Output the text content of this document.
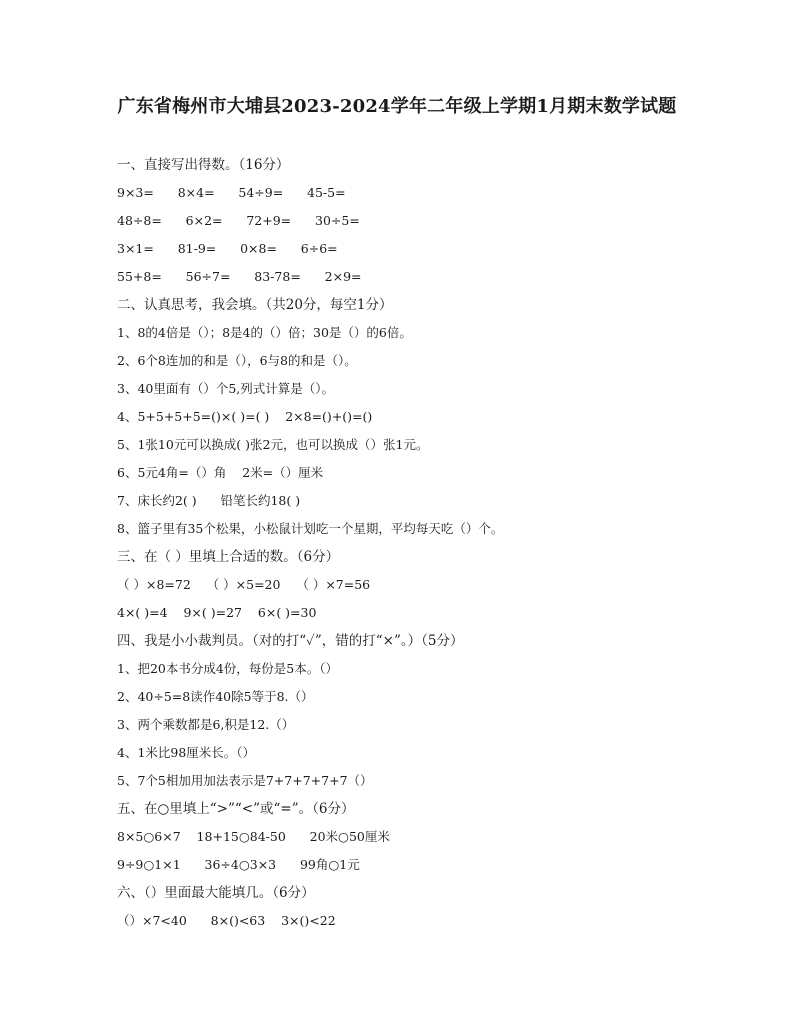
广东省梅州市大埔县2023-2024学年二年级上学期1月期末数学试题
一、直接写出得数。（16分）
9×3=      8×4=      54÷9=      45-5=
48÷8=      6×2=      72+9=      30÷5=
3×1=      81-9=      0×8=      6÷6=
55+8=      56÷7=      83-78=      2×9=
二、认真思考，我会填。（共20分，每空1分）
1、8的4倍是（）；8是4的（）倍；30是（）的6倍。
2、6个8连加的和是（），6与8的和是（）。
3、40里面有（）个5,列式计算是（）。
4、5+5+5+5=()×( )=( )    2×8=()+()=()
5、1张10元可以换成( )张2元，也可以换成（）张1元。
6、5元4角=（）角    2米=（）厘米
7、床长约2( )      铅笔长约18( )
8、篮子里有35个松果，小松鼠计划吃一个星期，平均每天吃（）个。
三、在（ ）里填上合适的数。（6分）
（ ）×8=72    （ ）×5=20    （ ）×7=56
4×( )=4    9×( )=27    6×( )=30
四、我是小小裁判员。（对的打“✓”，错的打“×”。）（5分）
1、把20本书分成4份，每份是5本。（）
2、40÷5=8读作40除5等于8.（）
3、两个乘数都是6,积是12.（）
4、1米比98厘米长。（）
5、7个5相加用加法表示是7+7+7+7+7（）
五、在○里填上“>”“<”或“=”。（6分）
8×5○6×7    18+15○84-50      20米○50厘米
9÷9○1×1      36÷4○3×3      99角○1元
六、（）里面最大能填几。（6分）
（）×7<40      8×()<63    3×()<22
